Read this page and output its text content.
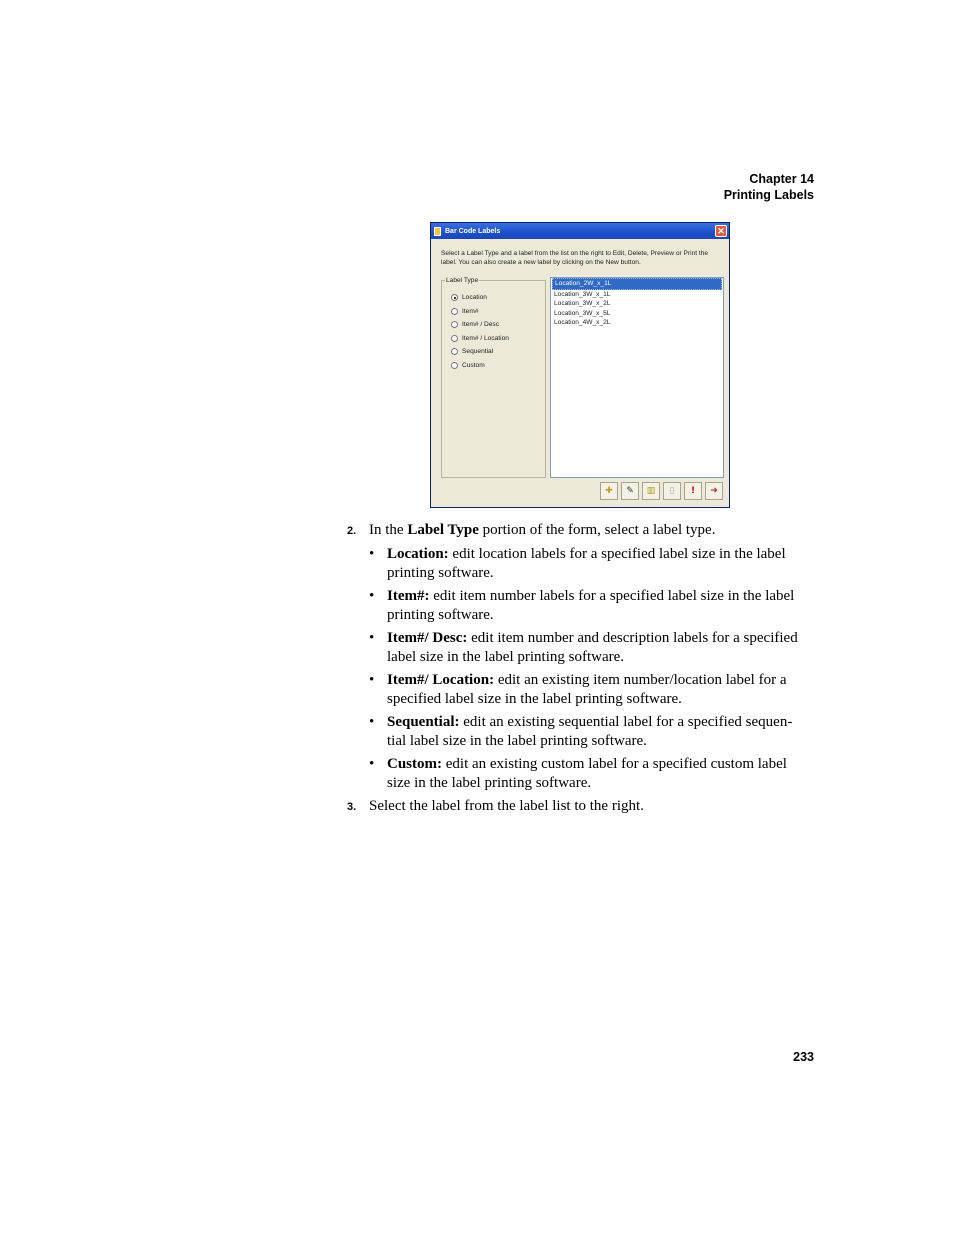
Chapter 14
Printing Labels
Bar Code Labels	✕
Select a Label Type and a label from the list on the right to Edit, Delete, Preview or Print the label. You can also create a new label by clicking on the New button.
Label Type
Location
Item#
Item# / Desc
Item# / Location
Sequential
Custom
Location_2W_x_1L
Location_3W_x_1L
Location_3W_x_2L
Location_3W_x_5L
Location_4W_x_2L
✚ ✎ ▥ ▯ ! ➜
2. In the Label Type portion of the form, select a label type.
• Location: edit location labels for a specified label size in the label
printing software.
• Item#: edit item number labels for a specified label size in the label
printing software.
• Item#/ Desc: edit item number and description labels for a specified
label size in the label printing software.
• Item#/ Location: edit an existing item number/location label for a
specified label size in the label printing software.
• Sequential: edit an existing sequential label for a specified sequen-
tial label size in the label printing software.
• Custom: edit an existing custom label for a specified custom label
size in the label printing software.
3. Select the label from the label list to the right.
233
